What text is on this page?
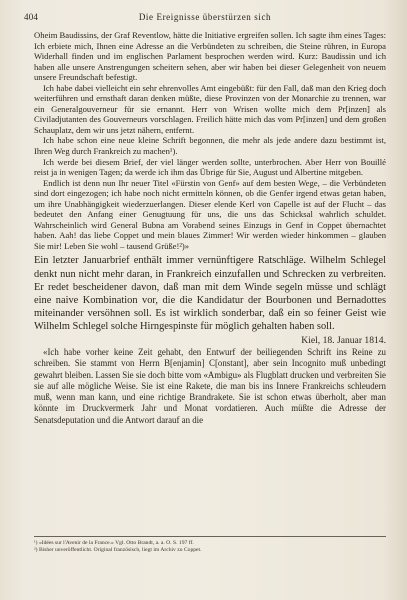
404	Die Ereignisse überstürzen sich

Oheim Baudissins, der Graf Reventlow, hätte die Initiative ergreifen sollen. Ich sagte ihm eines Tages: Ich erbiete mich, Ihnen eine Adresse an die Verbündeten zu schreiben, die Steine rühren, in Europa Widerhall finden und im englischen Parlament besprochen werden wird. Kurz: Baudissin und ich haben alle unsere Anstrengungen scheitern sehen, aber wir haben bei dieser Gelegenheit von neuem unsere Freundschaft befestigt.

Ich habe dabei vielleicht ein sehr ehrenvolles Amt eingebüßt: für den Fall, daß man den Krieg doch weiterführen und ernsthaft daran denken müßte, diese Provinzen von der Monarchie zu trennen, war ein Generalgouverneur für sie ernannt. Herr von Wrisen wollte mich dem Pr[inzen] als Civiladjutanten des Gouverneurs vorschlagen. Freilich hätte mich das vom Pr[inzen] und dem großen Schauplatz, dem wir uns jetzt nähern, entfernt.

Ich habe schon eine neue kleine Schrift begonnen, die mehr als jede andere dazu bestimmt ist, Ihren Weg durch Frankreich zu machen¹).

Ich werde bei diesem Brief, der viel länger werden sollte, unterbrochen. Aber Herr von Bouillé reist ja in wenigen Tagen; da werde ich ihm das Übrige für Sie, August und Albertine mitgeben.

Endlich ist denn nun Ihr neuer Titel «Fürstin von Genf» auf dem besten Wege, – die Verbündeten sind dort eingezogen; ich habe noch nicht ermitteln können, ob die Genfer irgend etwas getan haben, um ihre Unabhängigkeit wiederzuerlangen. Dieser elende Kerl von Capelle ist auf der Flucht – das bedeutet den Anfang einer Genugtuung für uns, die uns das Schicksal wahrlich schuldet. Wahrscheinlich wird General Bubna am Vorabend seines Einzugs in Genf in Coppet übernachtet haben. Aah! das liebe Coppet und mein blaues Zimmer! Wir werden wieder hinkommen – glauben Sie mir! Leben Sie wohl – tausend Grüße!²)»

Ein letzter Januarbrief enthält immer vernünftigere Ratschläge. Wilhelm Schlegel denkt nun nicht mehr daran, in Frankreich einzufallen und Schrecken zu verbreiten. Er redet bescheidener davon, daß man mit dem Winde segeln müsse und schlägt eine naive Kombination vor, die die Kandidatur der Bourbonen und Bernadottes miteinander versöhnen soll. Es ist wirklich sonderbar, daß ein so feiner Geist wie Wilhelm Schlegel solche Hirngespinste für möglich gehalten haben soll.

Kiel, 18. Januar 1814.

«Ich habe vorher keine Zeit gehabt, den Entwurf der beiliegenden Schrift ins Reine zu schreiben. Sie stammt von Herrn B[enjamin] C[onstant], aber sein Incognito muß unbedingt gewahrt bleiben. Lassen Sie sie doch bitte vom «Ambigu» als Flugblatt drucken und verbreiten Sie sie auf alle mögliche Weise. Sie ist eine Rakete, die man bis ins Innere Frankreichs schleudern muß, wenn man kann, und eine richtige Brandrakete. Sie ist schon etwas überholt, aber man könnte im Druckvermerk Jahr und Monat vordatieren. Auch müßte die Adresse der Senatsdeputation und die Antwort darauf an die

¹) «Idées sur l'Avenir de la France.» Vgl. Otto Brandt, a. a. O. S. 197 ff.

²) Bisher unveröffentlicht. Original französisch, liegt im Archiv zu Coppet.
